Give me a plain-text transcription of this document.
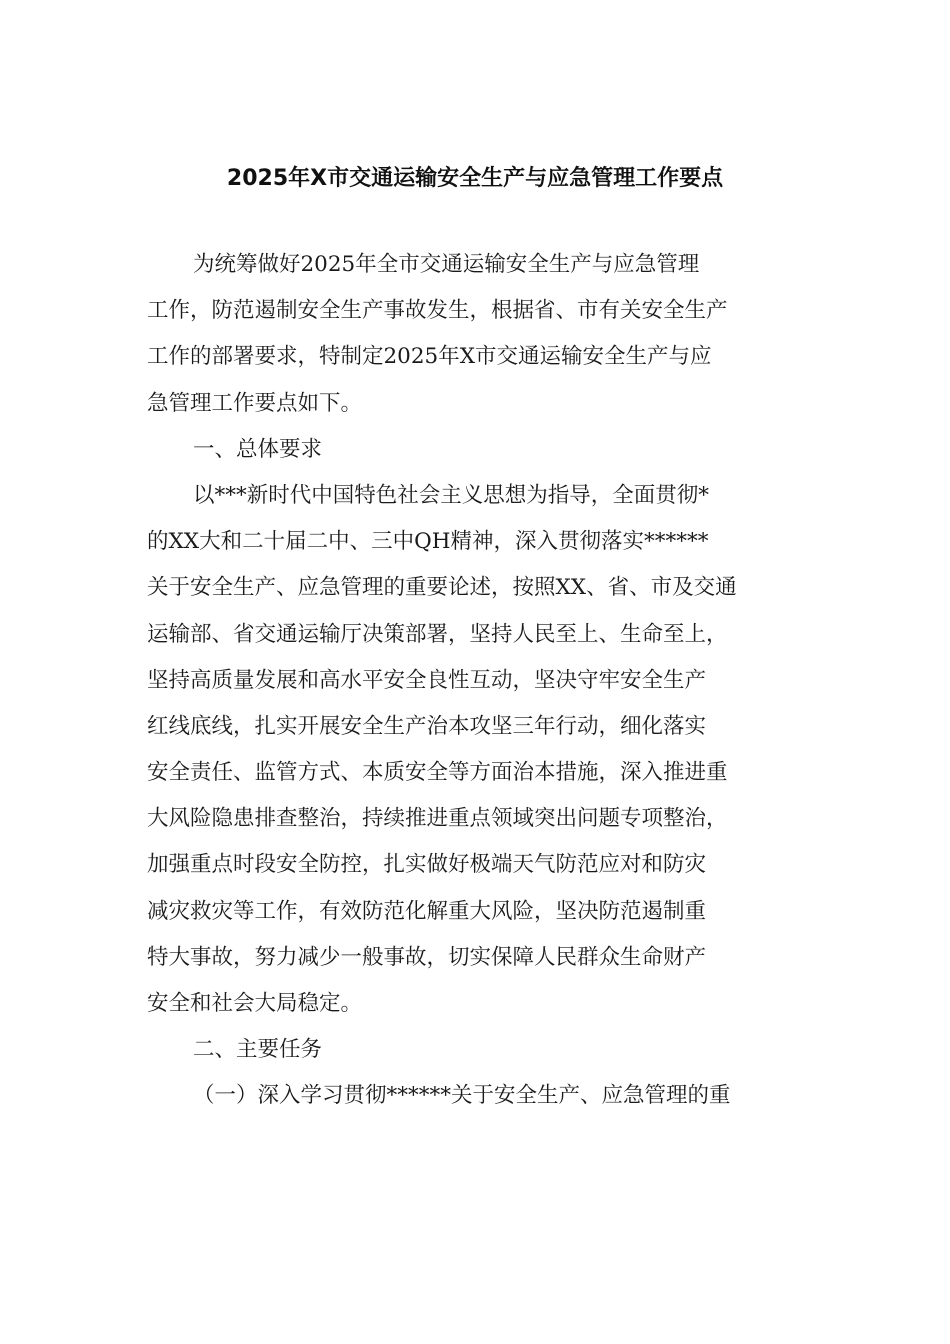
2025年X市交通运输安全生产与应急管理工作要点
为统筹做好2025年全市交通运输安全生产与应急管理
工作，防范遏制安全生产事故发生，根据省、市有关安全生产
工作的部署要求，特制定2025年X市交通运输安全生产与应
急管理工作要点如下。
一、总体要求
以***新时代中国特色社会主义思想为指导，全面贯彻*
的XX大和二十届二中、三中QH精神，深入贯彻落实******
关于安全生产、应急管理的重要论述，按照XX、省、市及交通
运输部、省交通运输厅决策部署，坚持人民至上、生命至上，
坚持高质量发展和高水平安全良性互动，坚决守牢安全生产
红线底线，扎实开展安全生产治本攻坚三年行动，细化落实
安全责任、监管方式、本质安全等方面治本措施，深入推进重
大风险隐患排查整治，持续推进重点领域突出问题专项整治，
加强重点时段安全防控，扎实做好极端天气防范应对和防灾
减灾救灾等工作，有效防范化解重大风险，坚决防范遏制重
特大事故，努力减少一般事故，切实保障人民群众生命财产
安全和社会大局稳定。
二、主要任务
（一）深入学习贯彻******关于安全生产、应急管理的重
